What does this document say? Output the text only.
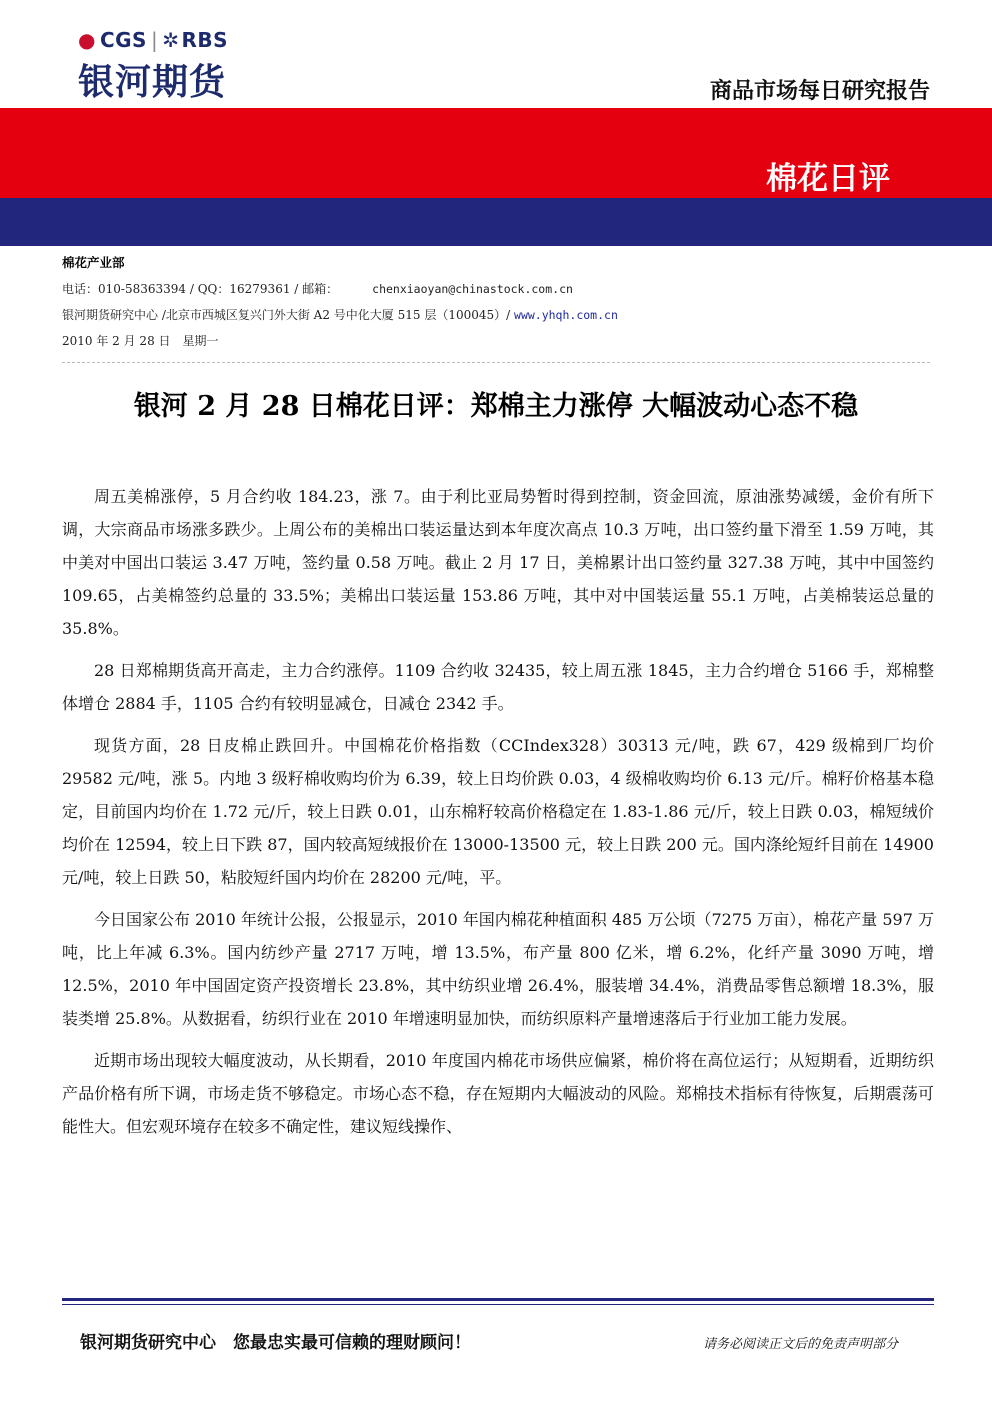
● CGS | ✲ RBS
银河期货	商品市场每日研究报告
棉花日评
棉花产业部
电话：010-58363394 / QQ：16279361 / 邮箱：	chenxiaoyan@chinastock.com.cn
银河期货研究中心 /北京市西城区复兴门外大街 A2 号中化大厦 515 层（100045）/ www.yhqh.com.cn
2010 年 2 月 28 日　星期一
银河 2 月 28 日棉花日评：郑棉主力涨停 大幅波动心态不稳

周五美棉涨停，5 月合约收 184.23，涨 7。由于利比亚局势暂时得到控制，资金回流，原油涨势减缓，金价有所下调，大宗商品市场涨多跌少。上周公布的美棉出口装运量达到本年度次高点 10.3 万吨，出口签约量下滑至 1.59 万吨，其中美对中国出口装运 3.47 万吨，签约量 0.58 万吨。截止 2 月 17 日，美棉累计出口签约量 327.38 万吨，其中中国签约 109.65，占美棉签约总量的 33.5%；美棉出口装运量 153.86 万吨，其中对中国装运量 55.1 万吨，占美棉装运总量的 35.8%。

28 日郑棉期货高开高走，主力合约涨停。1109 合约收 32435，较上周五涨 1845，主力合约增仓 5166 手，郑棉整体增仓 2884 手，1105 合约有较明显减仓，日减仓 2342 手。

现货方面，28 日皮棉止跌回升。中国棉花价格指数（CCIndex328）30313 元/吨，跌 67，429 级棉到厂均价 29582 元/吨，涨 5。内地 3 级籽棉收购均价为 6.39，较上日均价跌 0.03，4 级棉收购均价 6.13 元/斤。棉籽价格基本稳定，目前国内均价在 1.72 元/斤，较上日跌 0.01，山东棉籽较高价格稳定在 1.83-1.86 元/斤，较上日跌 0.03，棉短绒价均价在 12594，较上日下跌 87，国内较高短绒报价在 13000-13500 元，较上日跌 200 元。国内涤纶短纤目前在 14900 元/吨，较上日跌 50，粘胶短纤国内均价在 28200 元/吨，平。

今日国家公布 2010 年统计公报，公报显示，2010 年国内棉花种植面积 485 万公顷（7275 万亩），棉花产量 597 万吨，比上年减 6.3%。国内纺纱产量 2717 万吨，增 13.5%，布产量 800 亿米，增 6.2%，化纤产量 3090 万吨，增 12.5%，2010 年中国固定资产投资增长 23.8%，其中纺织业增 26.4%，服装增 34.4%，消费品零售总额增 18.3%，服装类增 25.8%。从数据看，纺织行业在 2010 年增速明显加快，而纺织原料产量增速落后于行业加工能力发展。

近期市场出现较大幅度波动，从长期看，2010 年度国内棉花市场供应偏紧，棉价将在高位运行；从短期看，近期纺织产品价格有所下调，市场走货不够稳定。市场心态不稳，存在短期内大幅波动的风险。郑棉技术指标有待恢复，后期震荡可能性大。但宏观环境存在较多不确定性，建议短线操作、

银河期货研究中心　您最忠实最可信赖的理财顾问！	请务必阅读正文后的免责声明部分
